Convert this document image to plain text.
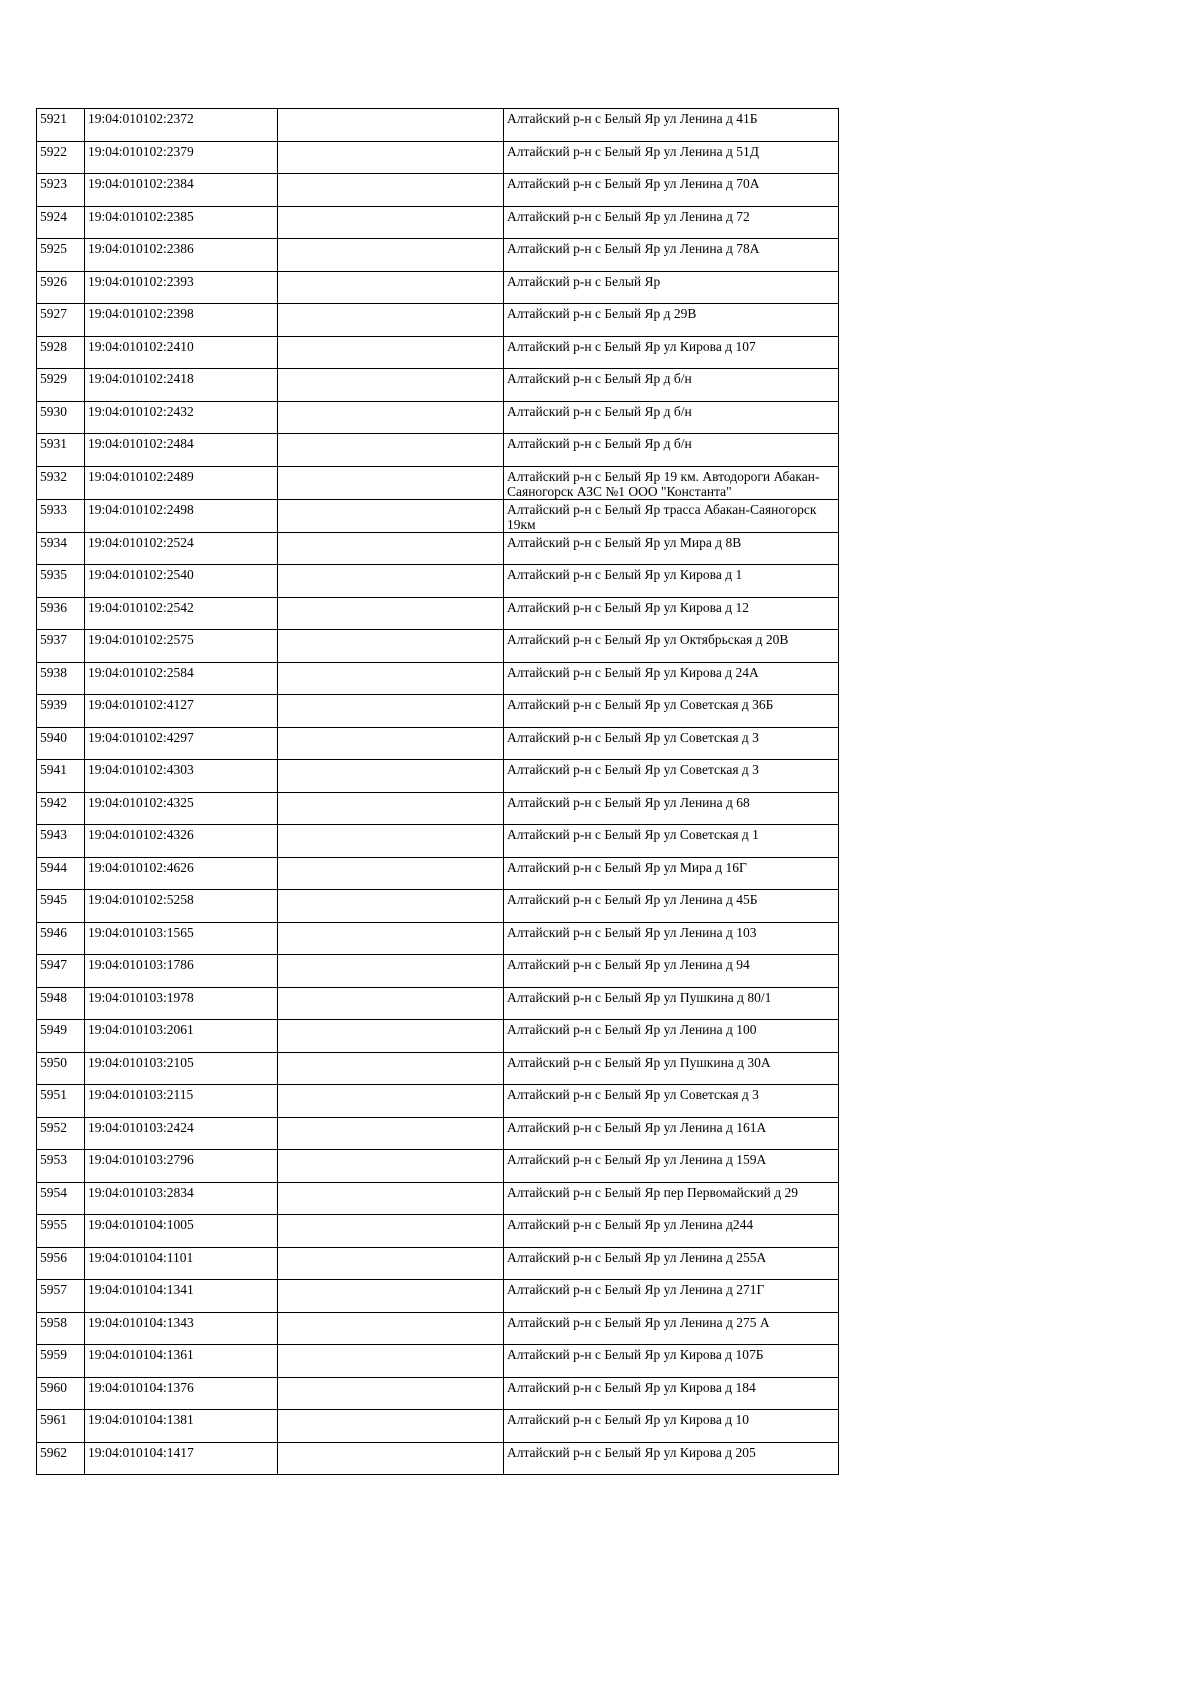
5921	19:04:010102:2372		Алтайский р-н с Белый Яр ул Ленина д 41Б
5922	19:04:010102:2379		Алтайский р-н с Белый Яр ул Ленина д 51Д
5923	19:04:010102:2384		Алтайский р-н с Белый Яр ул Ленина д 70А
5924	19:04:010102:2385		Алтайский р-н с Белый Яр ул Ленина д 72
5925	19:04:010102:2386		Алтайский р-н с Белый Яр ул Ленина д 78А
5926	19:04:010102:2393		Алтайский р-н с Белый Яр
5927	19:04:010102:2398		Алтайский р-н с Белый Яр д 29В
5928	19:04:010102:2410		Алтайский р-н с Белый Яр ул Кирова д 107
5929	19:04:010102:2418		Алтайский р-н с Белый Яр д б/н
5930	19:04:010102:2432		Алтайский р-н с Белый Яр д б/н
5931	19:04:010102:2484		Алтайский р-н с Белый Яр д б/н
5932	19:04:010102:2489		Алтайский р-н с Белый Яр 19 км. Автодороги Абакан-Саяногорск АЗС №1 ООО "Константа"
5933	19:04:010102:2498		Алтайский р-н с Белый Яр трасса Абакан-Саяногорск 19км
5934	19:04:010102:2524		Алтайский р-н с Белый Яр ул Мира д 8В
5935	19:04:010102:2540		Алтайский р-н с Белый Яр ул Кирова д 1
5936	19:04:010102:2542		Алтайский р-н с Белый Яр ул Кирова д 12
5937	19:04:010102:2575		Алтайский р-н с Белый Яр ул Октябрьская д 20В
5938	19:04:010102:2584		Алтайский р-н с Белый Яр ул Кирова д 24А
5939	19:04:010102:4127		Алтайский р-н с Белый Яр ул Советская д 36Б
5940	19:04:010102:4297		Алтайский р-н с Белый Яр ул Советская д 3
5941	19:04:010102:4303		Алтайский р-н с Белый Яр ул Советская д 3
5942	19:04:010102:4325		Алтайский р-н с Белый Яр ул Ленина д 68
5943	19:04:010102:4326		Алтайский р-н с Белый Яр ул Советская д 1
5944	19:04:010102:4626		Алтайский р-н с Белый Яр ул Мира д 16Г
5945	19:04:010102:5258		Алтайский р-н с Белый Яр ул Ленина д 45Б
5946	19:04:010103:1565		Алтайский р-н с Белый Яр ул Ленина д 103
5947	19:04:010103:1786		Алтайский р-н с Белый Яр ул Ленина д 94
5948	19:04:010103:1978		Алтайский р-н с Белый Яр ул Пушкина д 80/1
5949	19:04:010103:2061		Алтайский р-н с Белый Яр ул Ленина д 100
5950	19:04:010103:2105		Алтайский р-н с Белый Яр ул Пушкина д 30А
5951	19:04:010103:2115		Алтайский р-н с Белый Яр ул Советская д 3
5952	19:04:010103:2424		Алтайский р-н с Белый Яр ул Ленина д 161А
5953	19:04:010103:2796		Алтайский р-н с Белый Яр ул Ленина д 159А
5954	19:04:010103:2834		Алтайский р-н с Белый Яр пер Первомайский д 29
5955	19:04:010104:1005		Алтайский р-н с Белый Яр ул Ленина д244
5956	19:04:010104:1101		Алтайский р-н с Белый Яр ул Ленина д 255А
5957	19:04:010104:1341		Алтайский р-н с Белый Яр ул Ленина д 271Г
5958	19:04:010104:1343		Алтайский р-н с Белый Яр ул Ленина д 275 А
5959	19:04:010104:1361		Алтайский р-н с Белый Яр ул Кирова д 107Б
5960	19:04:010104:1376		Алтайский р-н с Белый Яр ул Кирова д 184
5961	19:04:010104:1381		Алтайский р-н с Белый Яр ул Кирова д 10
5962	19:04:010104:1417		Алтайский р-н с Белый Яр ул Кирова д 205
